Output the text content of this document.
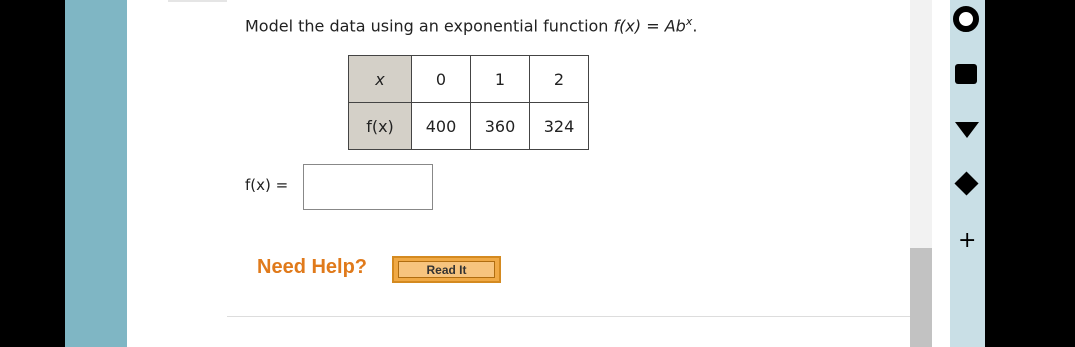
Model the data using an exponential function $f(x) = Ab^x$.
x	0	1	2
f(x)	400	360	324
f(x) =
Need Help?	Read It
+
